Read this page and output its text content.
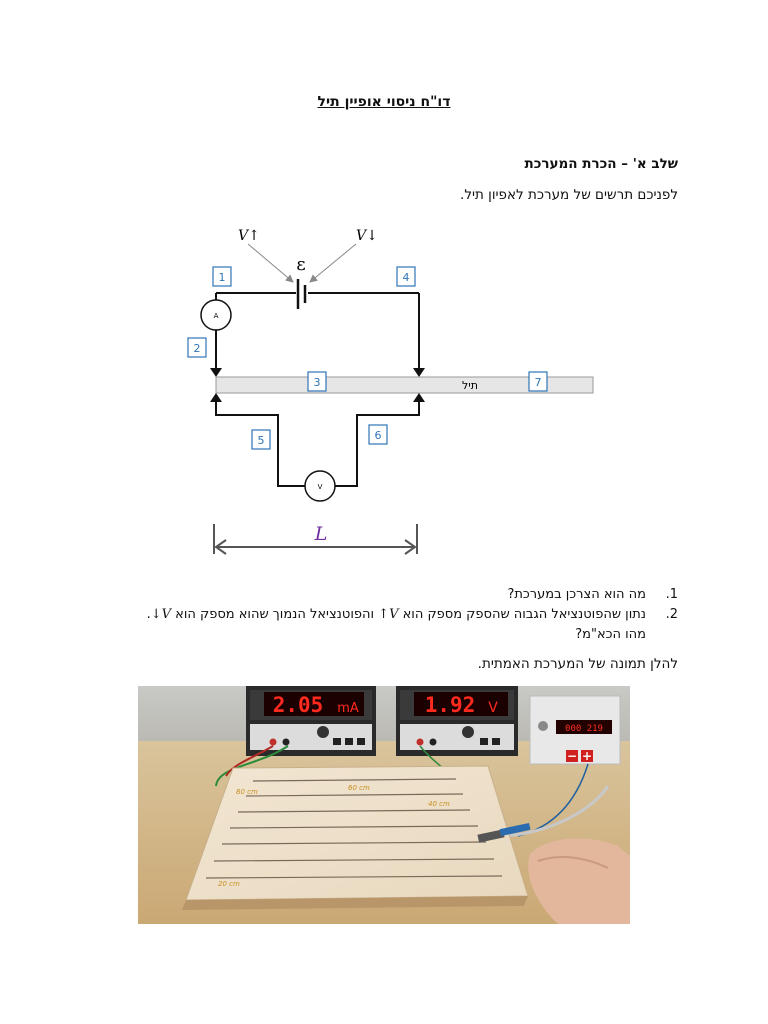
דו"ח ניסוי אופיין תיל
שלב א' – הכרת המערכת
לפניכם תרשים של מערכת לאפיון תיל.
ε
V↑	V↓
A
תיל
V
L
1
2
3
4
5	6
7
1.
מה הוא הצרכן במערכת?
2.
נתון שהפוטנציאל הגבוה שהספק מספק הוא V↑ והפוטנציאל הנמוך שהוא מספק הוא V↓.
מהו הכא"מ?
להלן תמונה של המערכת האמתית.
2.05 mA	1.92 V
000 219
− +
20 cm
40 cm
60 cm
80 cm
